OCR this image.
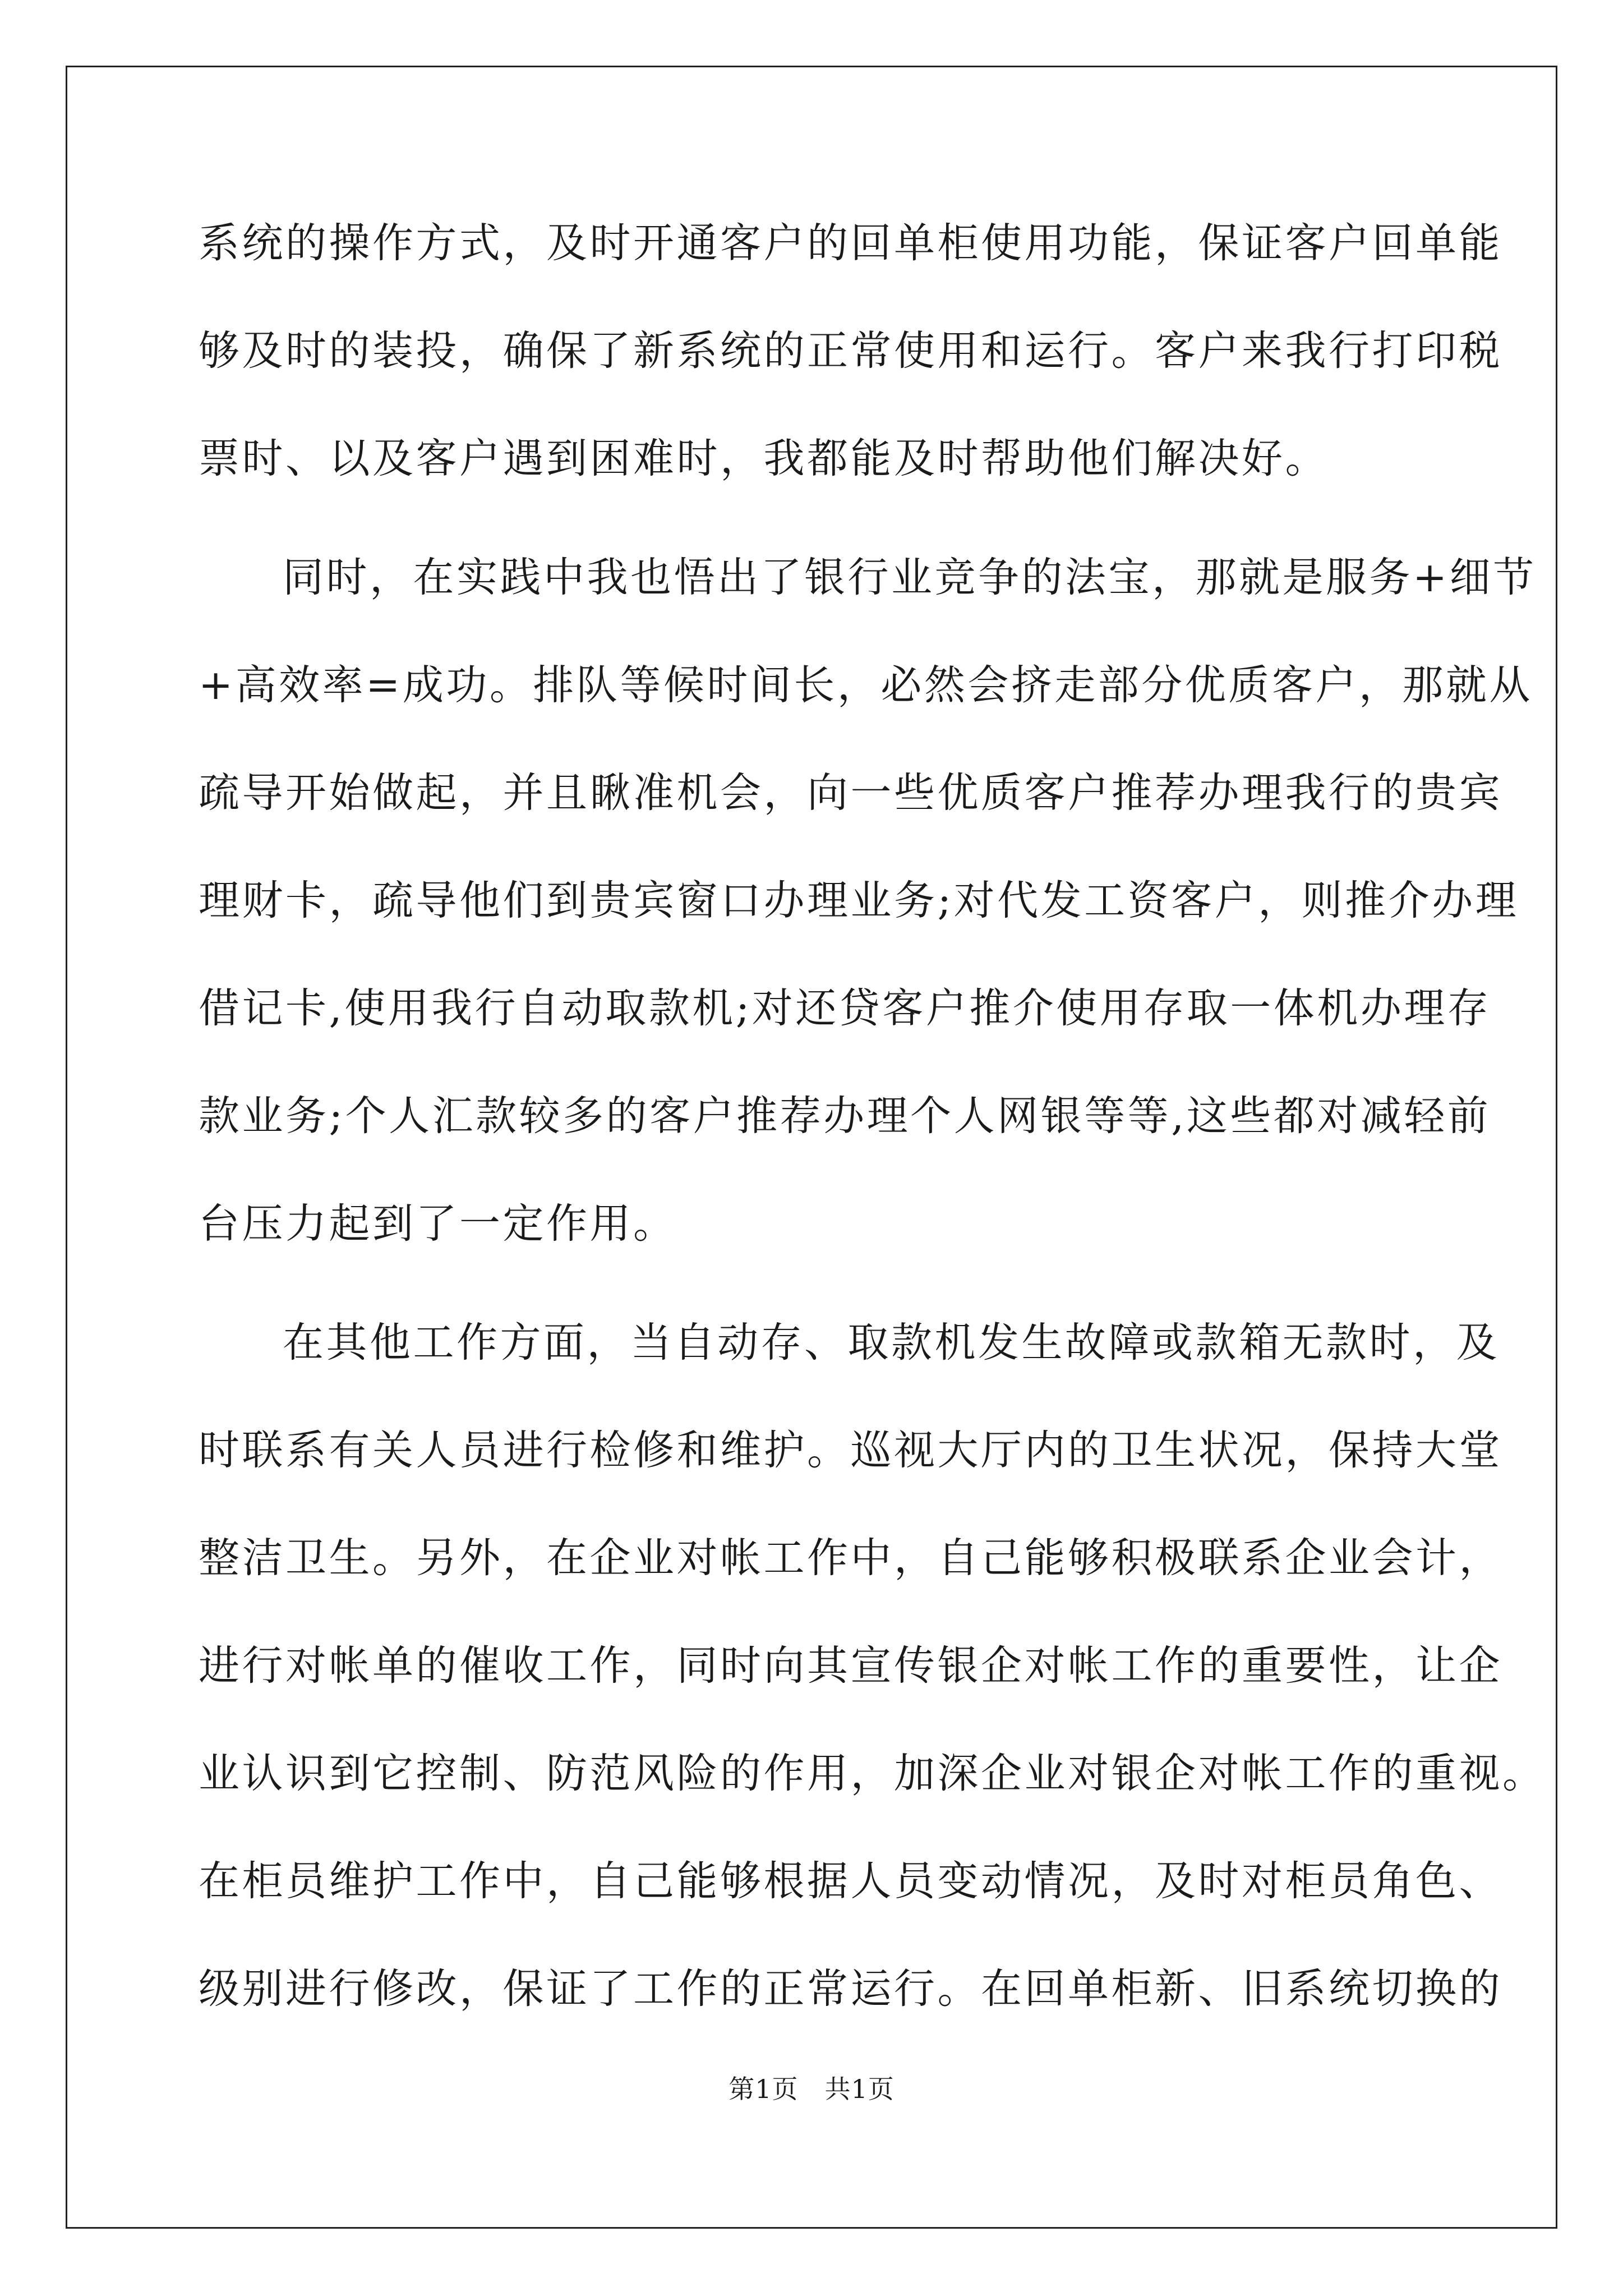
系统的操作方式，及时开通客户的回单柜使用功能，保证客户回单能
够及时的装投，确保了新系统的正常使用和运行。客户来我行打印税
票时、以及客户遇到困难时，我都能及时帮助他们解决好。
同时，在实践中我也悟出了银行业竞争的法宝，那就是服务+细节
+高效率=成功。排队等候时间长，必然会挤走部分优质客户，那就从
疏导开始做起，并且瞅准机会，向一些优质客户推荐办理我行的贵宾
理财卡，疏导他们到贵宾窗口办理业务;对代发工资客户，则推介办理
借记卡,使用我行自动取款机;对还贷客户推介使用存取一体机办理存
款业务;个人汇款较多的客户推荐办理个人网银等等,这些都对减轻前
台压力起到了一定作用。
在其他工作方面，当自动存、取款机发生故障或款箱无款时，及
时联系有关人员进行检修和维护。巡视大厅内的卫生状况，保持大堂
整洁卫生。另外，在企业对帐工作中，自己能够积极联系企业会计，
进行对帐单的催收工作，同时向其宣传银企对帐工作的重要性，让企
业认识到它控制、防范风险的作用，加深企业对银企对帐工作的重视。
在柜员维护工作中，自己能够根据人员变动情况，及时对柜员角色、
级别进行修改，保证了工作的正常运行。在回单柜新、旧系统切换的
第1页　共1页
